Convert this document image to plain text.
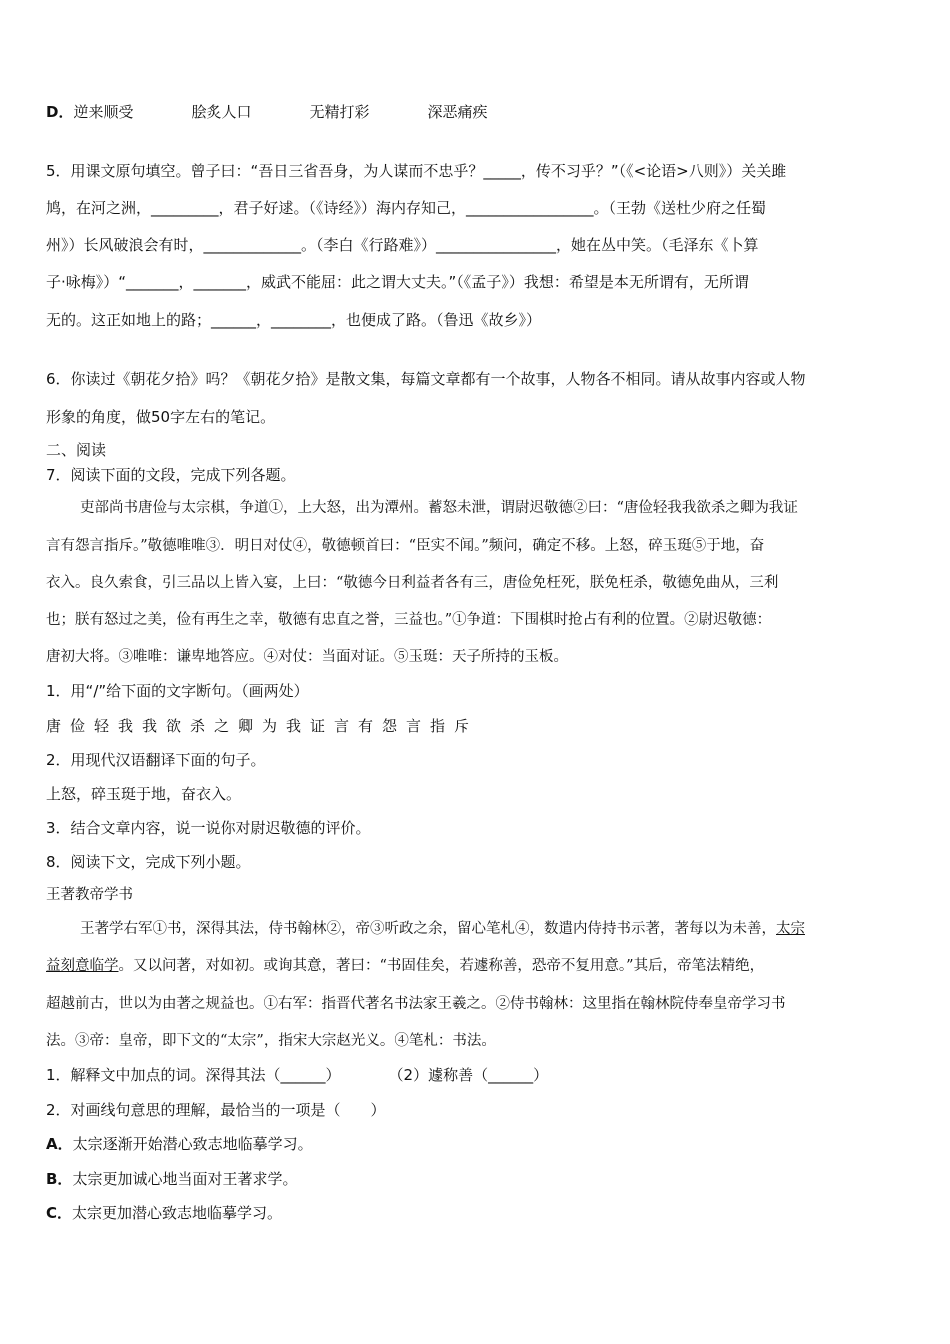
D．逆来顺受	脍炙人口	无精打彩	深恶痛疾
5．用课文原句填空。曾子曰：“吾日三省吾身，为人谋而不忠乎？_____，传不习乎？”（《<论语>八则》）关关雎
鸠，在河之洲，_________，君子好逑。（《诗经》）海内存知己，_________________。（王勃《送杜少府之任蜀
州》）长风破浪会有时，_____________。（李白《行路难》）________________，她在丛中笑。（毛泽东《卜算
子·咏梅》）“_______，_______，威武不能屈：此之谓大丈夫。”（《孟子》）我想：希望是本无所谓有，无所谓
无的。这正如地上的路；______，________，也便成了路。（鲁迅《故乡》）
6．你读过《朝花夕拾》吗？《朝花夕拾》是散文集，每篇文章都有一个故事，人物各不相同。请从故事内容或人物
形象的角度，做50字左右的笔记。
二、阅读
7．阅读下面的文段，完成下列各题。
吏部尚书唐俭与太宗棋，争道①，上大怒，出为潭州。蓄怒未泄，谓尉迟敬德②曰：“唐俭轻我我欲杀之卿为我证
言有怨言指斥。”敬德唯唯③．明日对仗④，敬德顿首曰：“臣实不闻。”频问，确定不移。上怒，碎玉珽⑤于地，奋
衣入。良久索食，引三品以上皆入宴，上曰：“敬德今日利益者各有三，唐俭免枉死，朕免枉杀，敬德免曲从，三利
也；朕有怒过之美，俭有再生之幸，敬德有忠直之誉，三益也。”①争道：下围棋时抢占有利的位置。②尉迟敬德：
唐初大将。③唯唯：谦卑地答应。④对仗：当面对证。⑤玉珽：天子所持的玉板。
1．用“/”给下面的文字断句。（画两处）
唐俭轻我我欲杀之卿为我证言有怨言指斥
2．用现代汉语翻译下面的句子。
上怒，碎玉珽于地，奋衣入。
3．结合文章内容，说一说你对尉迟敬德的评价。
8．阅读下文，完成下列小题。
王著教帝学书
王著学右军①书，深得其法，侍书翰林②，帝③听政之余，留心笔札④，数遣内侍持书示著，著每以为未善，太宗
益刻意临学。又以问著，对如初。或询其意，著曰：“书固佳矣，若遽称善，恐帝不复用意。”其后，帝笔法精绝，
超越前古，世以为由著之规益也。①右军：指晋代著名书法家王羲之。②侍书翰林：这里指在翰林院侍奉皇帝学习书
法。③帝：皇帝，即下文的“太宗”，指宋大宗赵光义。④笔札：书法。
1．解释文中加点的词。深得其法（______）	（2）遽称善（______）
2．对画线句意思的理解，最恰当的一项是（　　）
A．太宗逐渐开始潜心致志地临摹学习。
B．太宗更加诚心地当面对王著求学。
C．太宗更加潜心致志地临摹学习。
